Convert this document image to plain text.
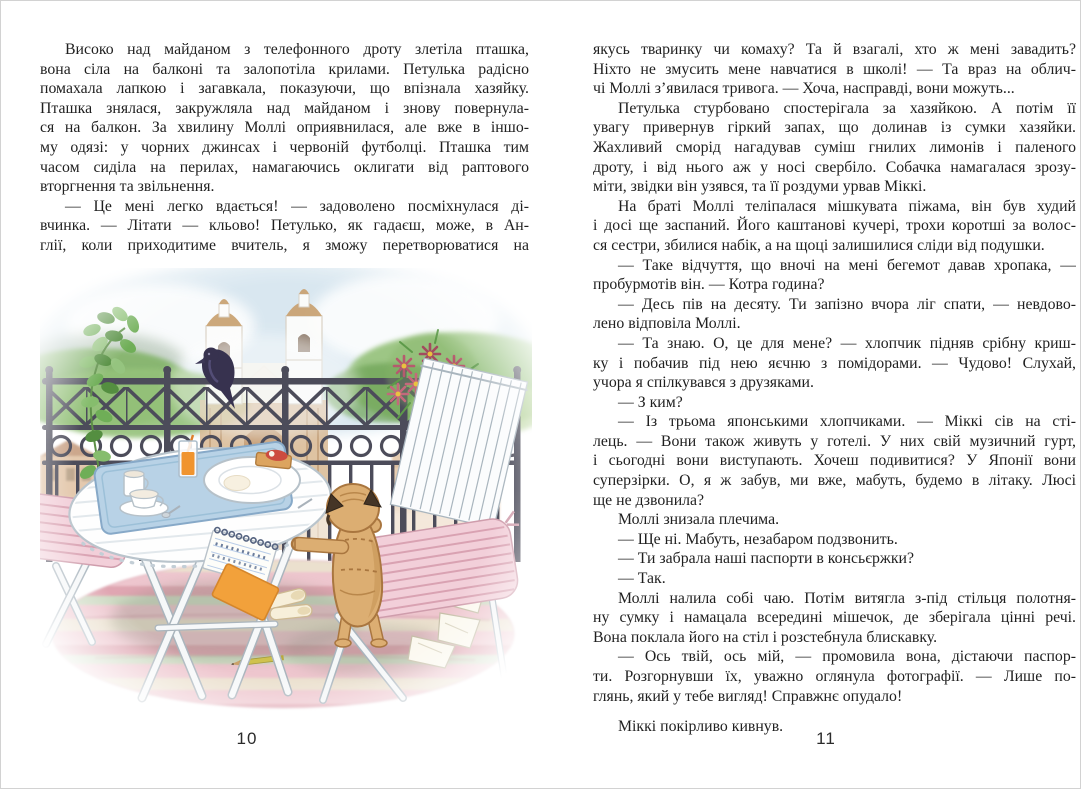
Високо над майданом з телефонного дроту злетіла пташка,
вона сіла на балконі та залопотіла крилами. Петулька радісно
помахала лапкою і загавкала, показуючи, що впізнала хазяйку.
Пташка знялася, закружляла над майданом і знову повернула-
ся на балкон. За хвилину Моллі оприявнилася, але вже в іншо-
му одязі: у чорних джинсах і червоній футболці. Пташка тим
часом сиділа на перилах, намагаючись оклигати від раптового
вторгнення та звільнення.
— Це мені легко вдається! — задоволено посміхнулася ді-
вчинка. — Літати — кльово! Петулько, як гадаєш, може, в Ан-
глії, коли приходитиме вчитель, я зможу перетворюватися на
якусь тваринку чи комаху? Та й взагалі, хто ж мені завадить?
Ніхто не змусить мене навчатися в школі! — Та враз на облич-
чі Моллі з’явилася тривога. — Хоча, насправді, вони можуть...
Петулька стурбовано спостерігала за хазяйкою. А потім її
увагу привернув гіркий запах, що долинав із сумки хазяйки.
Жахливий сморід нагадував суміш гнилих лимонів і паленого
дроту, і від нього аж у носі свербіло. Собачка намагалася зрозу-
міти, звідки він узявся, та її роздуми урвав Міккі.
На браті Моллі теліпалася мішкувата піжама, він був худий
і досі ще заспаний. Його каштанові кучері, трохи коротші за волос-
ся сестри, збилися набік, а на щоці залишилися сліди від подушки.
— Таке відчуття, що вночі на мені бегемот давав хропака, —
пробурмотів він. — Котра година?
— Десь пів на десяту. Ти запізно вчора ліг спати, — невдово-
лено відповіла Моллі.
— Та знаю. О, це для мене? — хлопчик підняв срібну криш-
ку і побачив під нею яєчню з помідорами. — Чудово! Слухай,
учора я спілкувався з друзяками.
— З ким?
— Із трьома японськими хлопчиками. — Міккі сів на сті-
лець. — Вони також живуть у готелі. У них свій музичний гурт,
і сьогодні вони виступають. Хочеш подивитися? У Японії вони
суперзірки. О, я ж забув, ми вже, мабуть, будемо в літаку. Люсі
ще не дзвонила?
Моллі знизала плечима.
— Ще ні. Мабуть, незабаром подзвонить.
— Ти забрала наші паспорти в консьєржки?
— Так.
Моллі налила собі чаю. Потім витягла з-під стільця полотня-
ну сумку і намацала всередині мішечок, де зберігала цінні речі.
Вона поклала його на стіл і розстебнула блискавку.
— Ось твій, ось мій, — промовила вона, дістаючи паспор-
ти. Розгорнувши їх, уважно оглянула фотографії. — Лише по-
глянь, який у тебе вигляд! Справжнє опудало!
Міккі покірливо кивнув.
10	11
